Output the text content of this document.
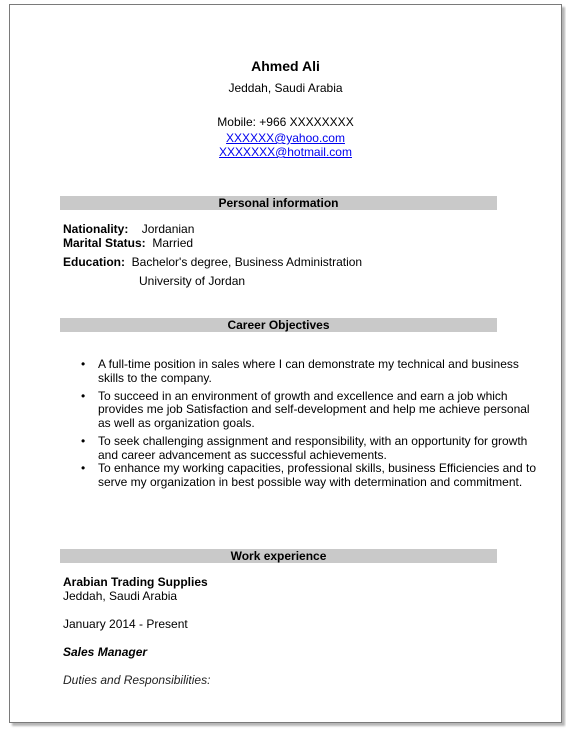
Ahmed Ali
Jeddah, Saudi Arabia
Mobile: +966 XXXXXXXX
XXXXXX@yahoo.com
XXXXXXX@hotmail.com
Personal information
Nationality: Jordanian
Marital Status: Married
Education: Bachelor's degree, Business Administration
University of Jordan
Career Objectives
• A full-time position in sales where I can demonstrate my technical and business skills to the company.
• To succeed in an environment of growth and excellence and earn a job which provides me job Satisfaction and self-development and help me achieve personal as well as organization goals.
• To seek challenging assignment and responsibility, with an opportunity for growth and career advancement as successful achievements.
• To enhance my working capacities, professional skills, business Efficiencies and to serve my organization in best possible way with determination and commitment.
Work experience
Arabian Trading Supplies
Jeddah, Saudi Arabia
January 2014 - Present
Sales Manager
Duties and Responsibilities:
